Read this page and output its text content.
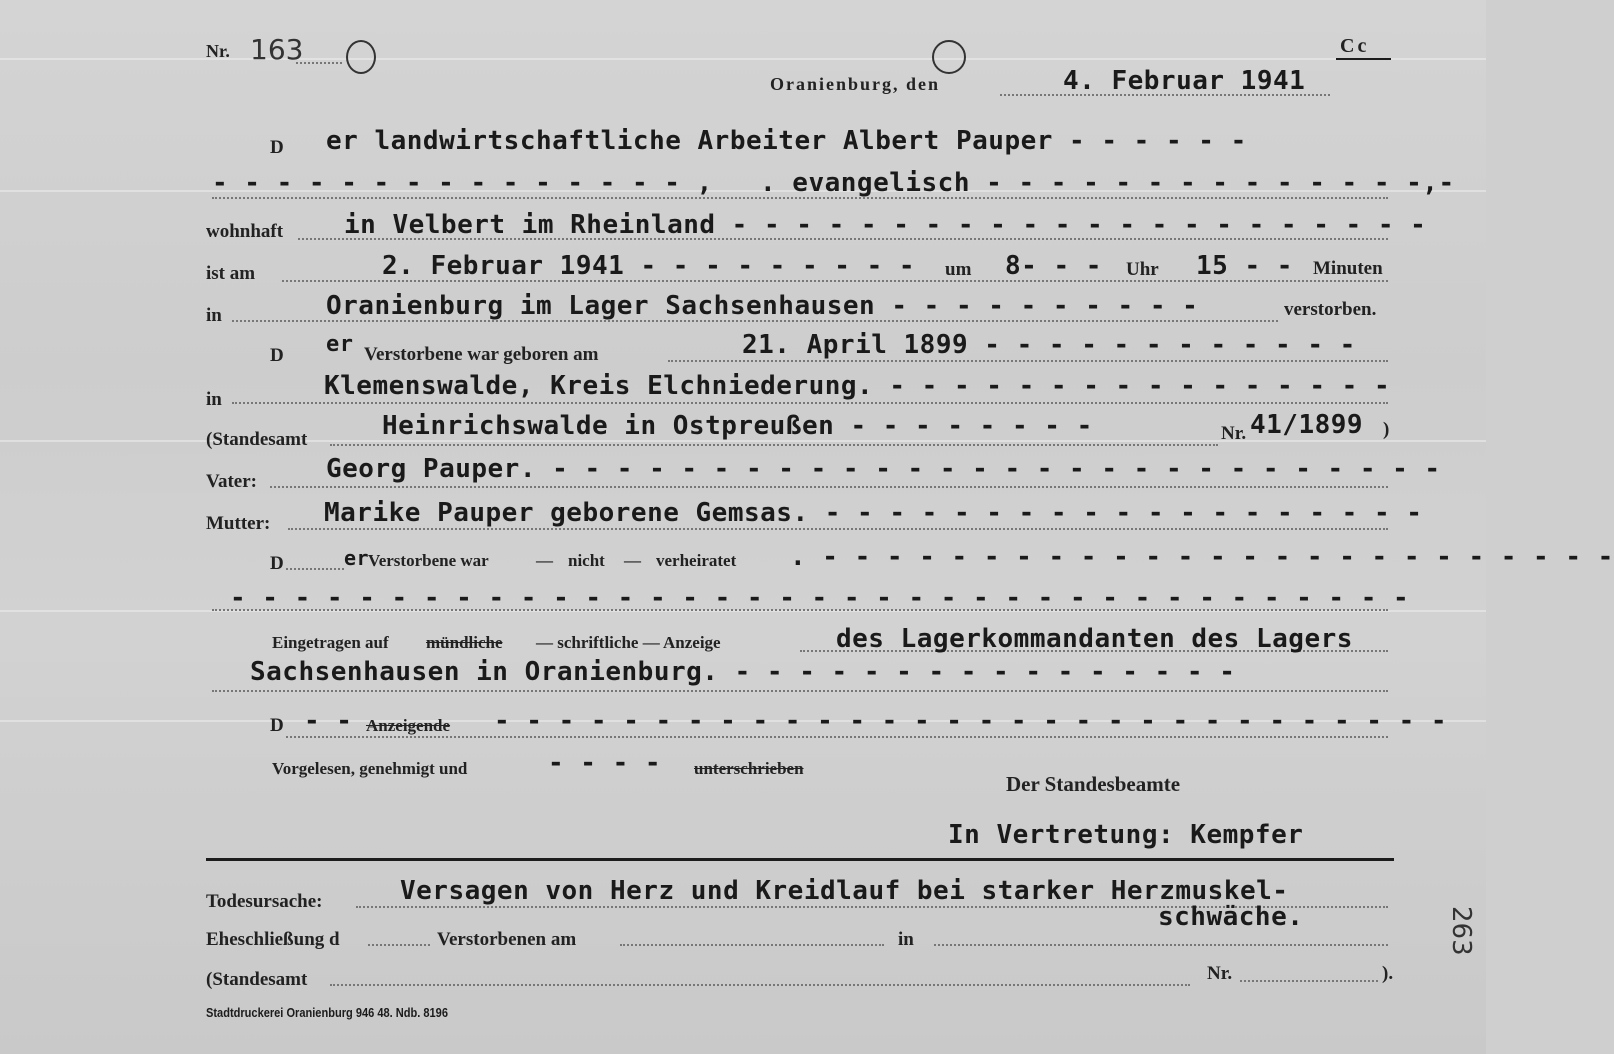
Nr. 163	Cc
Oranienburg, den	4. Februar 1941
D er landwirtschaftliche Arbeiter Albert Pauper - - - - - -
- - - - - - - - - - - - - - - , . evangelisch - - - - - - - - - - - - - -,-
wohnhaft in Velbert im Rheinland - - - - - - - - - - - - - - - - - - - - - -
ist am	2. Februar 1941 - - - - - - - - - um 8- - - Uhr 15 - - Minuten
in	Oranienburg im Lager Sachsenhausen - - - - - - - - - -	verstorben.
D er Verstorbene war geboren am	21. April 1899 - - - - - - - - - - - -
in	Klemenswalde, Kreis Elchniederung. - - - - - - - - - - - - - - - -
(Standesamt	Heinrichswalde in Ostpreußen - - - - - - - -	Nr. 41/1899 )
Vater:	Georg Pauper. - - - - - - - - - - - - - - - - - - - - - - - - - - - -
Mutter: Marike Pauper geborene Gemsas. - - - - - - - - - - - - - - - - - - -
D	er
Verstorbene war	— nicht — verheiratet . - - - - - - - - - - - - - - - - - - - - - - - - -
- - - - - - - - - - - - - - - - - - - - - - - - - - - - - - - - - - - - -
Eingetragen auf mündliche — schriftliche — Anzeige	des Lagerkommandanten des Lagers
Sachsenhausen in Oranienburg. - - - - - - - - - - - - - - - -
D - - Anzeigende - - - - - - - - - - - - - - - - - - - - - - - - - - - - - -
Vorgelesen, genehmigt und	- - - - unterschrieben
Der Standesbeamte
In Vertretung: Kempfer
Todesursache:	Versagen von Herz und Kreidlauf bei starker Herzmuskel-
schwäche.
Eheschließung d	Verstorbenen am	in
(Standesamt	Nr.	).
263
Stadtdruckerei Oranienburg 946 48. Ndb. 8196
